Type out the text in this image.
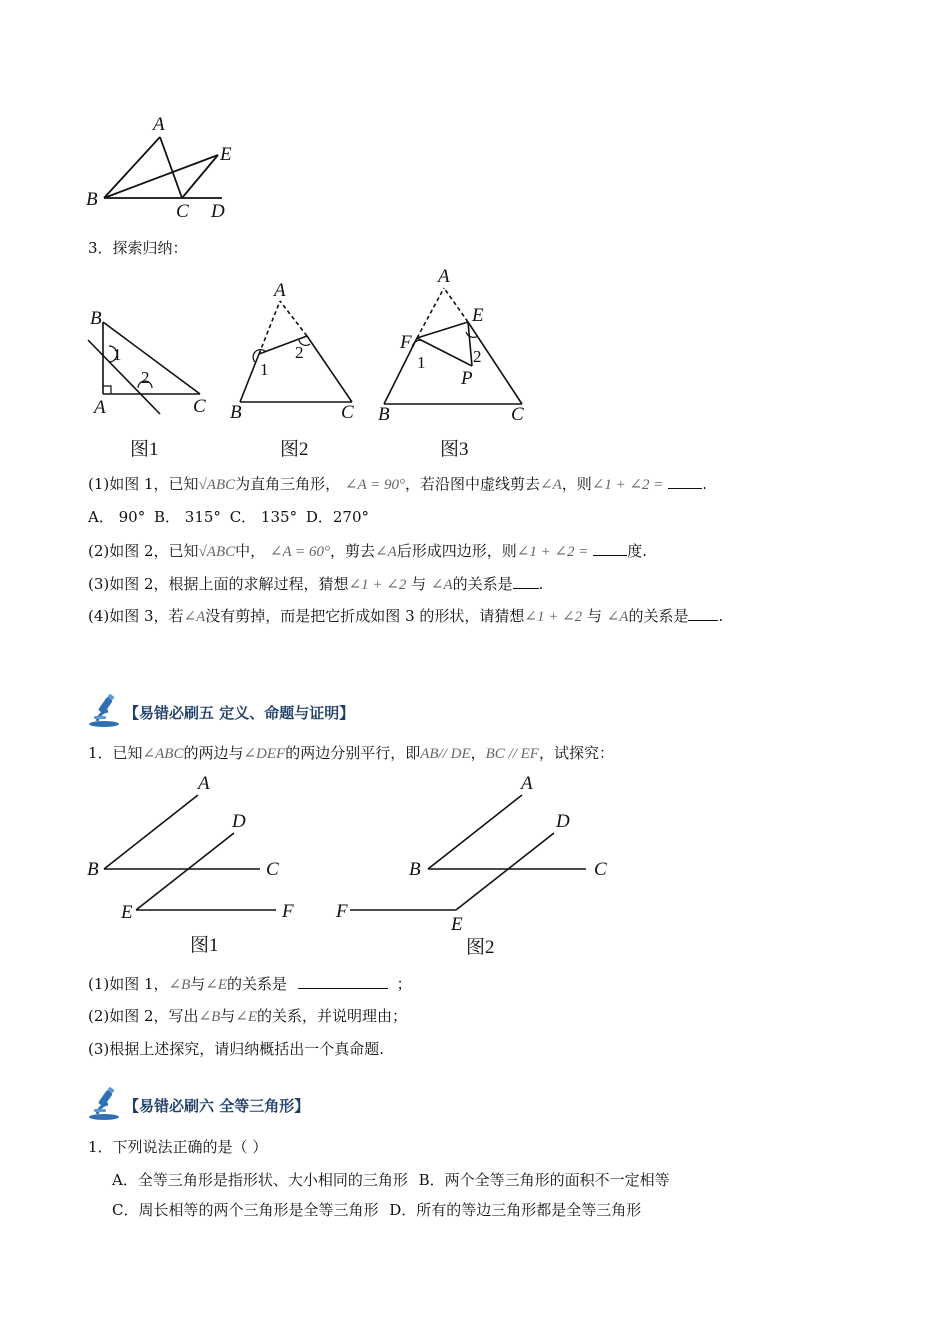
A
B
C D
E
3．探索归纳：
B
A	C
1
2
图1
A
B	C
1
2
图2
A
E
F
P
B	C
1	2
图3
(1)如图 1，已知√ABC为直角三角形， ∠A = 90°，若沿图中虚线剪去∠A，则∠1 + ∠2 =	.
A． 90° B． 315° C． 135° D．270°
(2)如图 2，已知√ABC中， ∠A = 60°，剪去∠A后形成四边形，则∠1 + ∠2 =	度.
(3)如图 2，根据上面的求解过程，猜想∠1 + ∠2 与 ∠A的关系是 .
(4)如图 3，若∠A没有剪掉，而是把它折成如图 3 的形状，请猜想∠1 + ∠2 与 ∠A的关系是 .
【易错必刷五 定义、命题与证明】
1．已知∠ABC的两边与∠DEF的两边分别平行，即AB// DE，BC // EF，试探究：
A
D
B	C
E	F
图1
A
D
B	C
F
E
图2
(1)如图 1，∠B与∠E的关系是	；
(2)如图 2，写出∠B与∠E的关系，并说明理由；
(3)根据上述探究，请归纳概括出一个真命题.
【易错必刷六 全等三角形】
1．下列说法正确的是（ ）
A．全等三角形是指形状、大小相同的三角形 B．两个全等三角形的面积不一定相等
C．周长相等的两个三角形是全等三角形 D．所有的等边三角形都是全等三角形
